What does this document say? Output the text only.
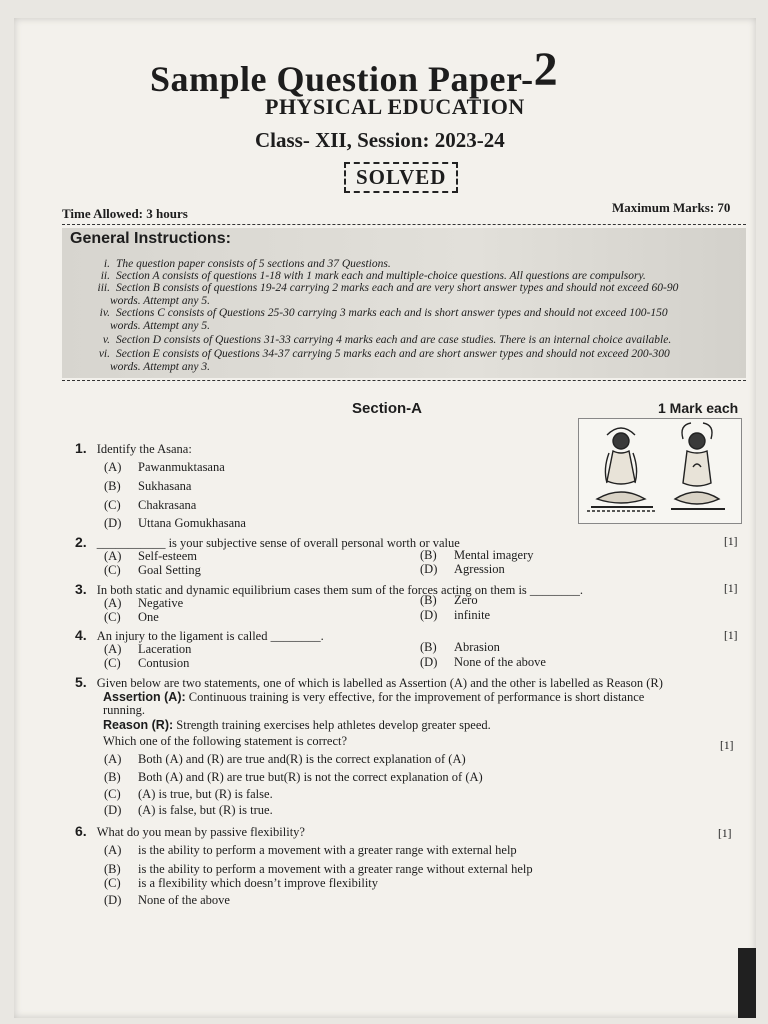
Sample Question Paper-2
PHYSICAL EDUCATION
Class- XII, Session: 2023-24
SOLVED
Time Allowed: 3 hours	Maximum Marks: 70
General Instructions:
i. The question paper consists of 5 sections and 37 Questions.
ii. Section A consists of questions 1-18 with 1 mark each and multiple-choice questions. All questions are compulsory.
iii. Section B consists of questions 19-24 carrying 2 marks each and are very short answer types and should not exceed 60-90
words. Attempt any 5.
iv. Sections C consists of Questions 25-30 carrying 3 marks each and is short answer types and should not exceed 100-150
words. Attempt any 5.
v. Section D consists of Questions 31-33 carrying 4 marks each and are case studies. There is an internal choice available.
vi. Section E consists of Questions 34-37 carrying 5 marks each and are short answer types and should not exceed 200-300
words. Attempt any 3.
Section-A	1 Mark each
1. Identify the Asana:
(A) Pawanmuktasana
(B) Sukhasana
(C) Chakrasana
(D) Uttana Gomukhasana
2. ___________ is your subjective sense of overall personal worth or value	[1]
(A) Self-esteem	(B) Mental imagery
(C) Goal Setting	(D) Agression
3. In both static and dynamic equilibrium cases them sum of the forces acting on them is ________.	[1]
(A) Negative	(B) Zero
(C) One	(D) infinite
4. An injury to the ligament is called ________.	[1]
(A) Laceration	(B) Abrasion
(C) Contusion	(D) None of the above
5. Given below are two statements, one of which is labelled as Assertion (A) and the other is labelled as Reason (R)
Assertion (A): Continuous training is very effective, for the improvement of performance is short distance
running.
Reason (R): Strength training exercises help athletes develop greater speed.
Which one of the following statement is correct?	[1]
(A) Both (A) and (R) are true and(R) is the correct explanation of (A)
(B) Both (A) and (R) are true but(R) is not the correct explanation of (A)
(C) (A) is true, but (R) is false.
(D) (A) is false, but (R) is true.
6. What do you mean by passive flexibility?	[1]
(A) is the ability to perform a movement with a greater range with external help
(B) is the ability to perform a movement with a greater range without external help
(C) is a flexibility which doesn’t improve flexibility
(D) None of the above
